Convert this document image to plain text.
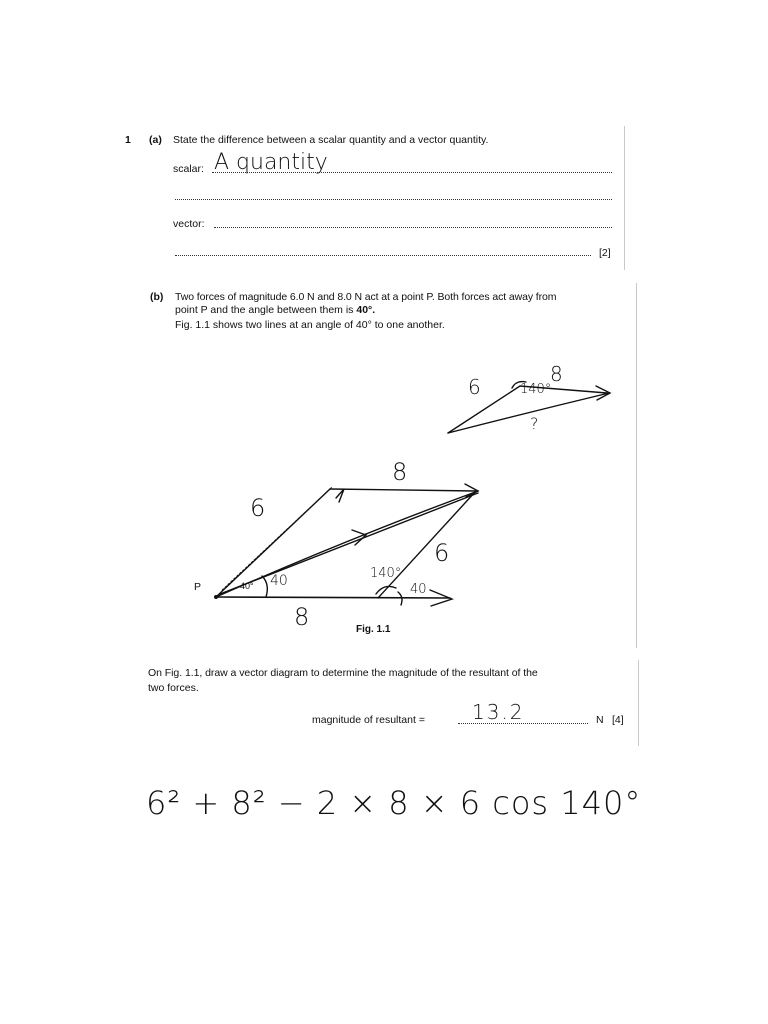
1 (a) State the difference between a scalar quantity and a vector quantity.
scalar: A quantity
vector:
[2]
(b) Two forces of magnitude 6.0 N and 8.0 N act at a point P. Both forces act away from
point P and the angle between them is 40°.
Fig. 1.1 shows two lines at an angle of 40° to one another.
6
8
140°
?
8
6
6
8
40	140°
40
P	40°
Fig. 1.1
On Fig. 1.1, draw a vector diagram to determine the magnitude of the resultant of the
two forces.
magnitude of resultant = 13.2	N [4]
6² + 8² − 2 × 8 × 6 cos 140°
